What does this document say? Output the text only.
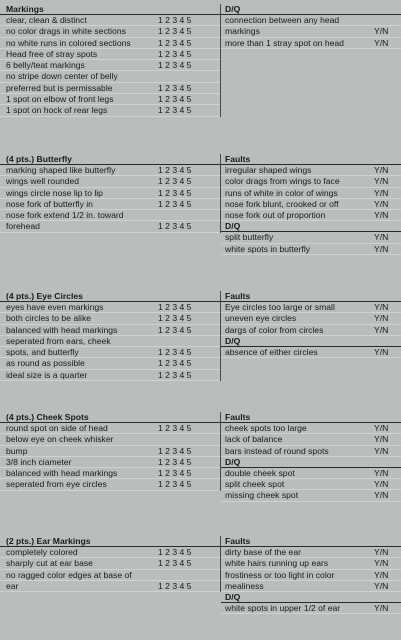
Markings
clear, clean & distinct	1 2 3 4 5
no color drags in white sections	1 2 3 4 5
no white runs in colored sections	1 2 3 4 5
Head free of stray spots	1 2 3 4 5
6 belly/teat markings	1 2 3 4 5
no stripe down center of belly
preferred but is permissable	1 2 3 4 5
1 spot on elbow of front legs	1 2 3 4 5
1 spot on hock of rear legs	1 2 3 4 5
D/Q
connection between any head
markings	Y/N
more than 1 stray spot on head	Y/N
(4 pts.) Butterfly
marking shaped like butterfly	1 2 3 4 5
wings well rounded	1 2 3 4 5
wings circle nose lip to lip	1 2 3 4 5
nose fork of butterfly in	1 2 3 4 5
nose fork extend 1/2 in. toward
forehead	1 2 3 4 5
Faults
irregular shaped wings	Y/N
color drags from wings to face	Y/N
runs of white in color of wings	Y/N
nose fork blunt, crooked or off	Y/N
nose fork out of proportion	Y/N
D/Q
split butterfly	Y/N
white spots in butterfly	Y/N
(4 pts.) Eye Circles
eyes have even markings	1 2 3 4 5
both circles to be alike	1 2 3 4 5
balanced with head markings	1 2 3 4 5
seperated from ears, cheek
spots, and butterfly	1 2 3 4 5
as round as possible	1 2 3 4 5
ideal size is a quarter	1 2 3 4 5
Faults
Eye circles too large or small	Y/N
uneven eye circles	Y/N
dargs of color from circles	Y/N
D/Q
absence of either circles	Y/N
(4 pts.) Cheek Spots
round spot on side of head	1 2 3 4 5
below eye on cheek whisker
bump	1 2 3 4 5
3/8 inch ciameter	1 2 3 4 5
balanced with head markings	1 2 3 4 5
seperated from eye circles	1 2 3 4 5
Faults
cheek spots too large	Y/N
lack of balance	Y/N
bars instead of round spots	Y/N
D/Q
double cheek spot	Y/N
split cheek spot	Y/N
missing cheek spot	Y/N
(2 pts.) Ear Markings
completely colored	1 2 3 4 5
sharply cut at ear base	1 2 3 4 5
no ragged color edges at base of
ear	1 2 3 4 5
Faults
dirty base of the ear	Y/N
white hairs running up ears	Y/N
frostiness or too light in color	Y/N
mealiness	Y/N
D/Q
white spots in upper 1/2 of ear	Y/N
